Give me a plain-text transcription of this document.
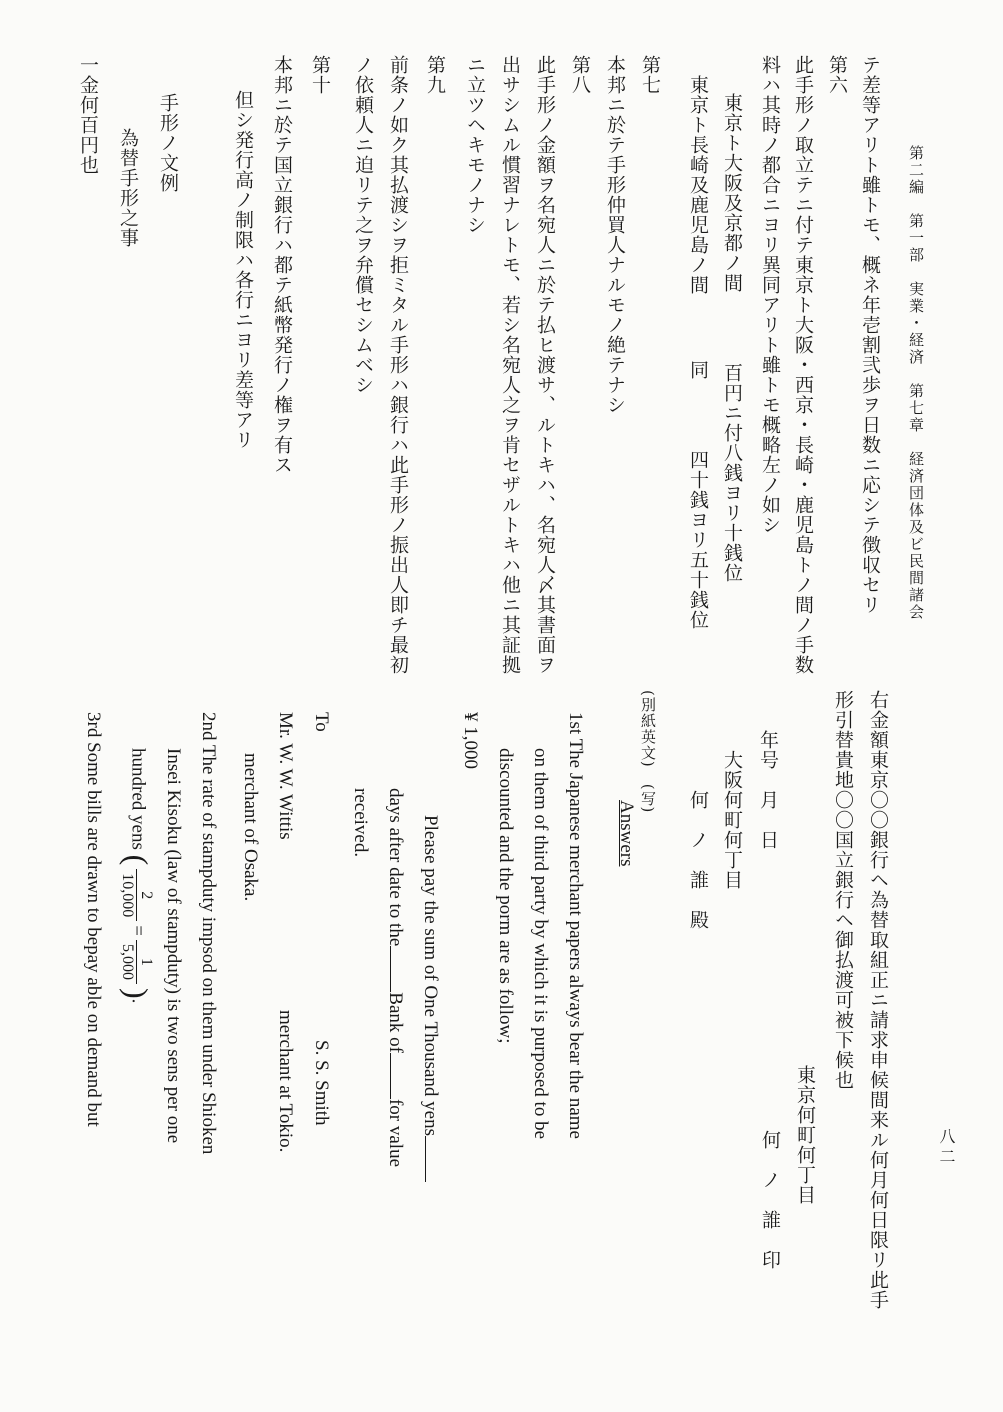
第二編　第一部　実業・経済　第七章　経済団体及ビ民間諸会
八二
テ差等アリト雖トモ、概ネ年壱割弐歩ヲ日数ニ応シテ徴収セリ
第六
此手形ノ取立テニ付テ東京ト大阪・西京・長崎・鹿児島トノ間ノ手数
料ハ其時ノ都合ニヨリ異同アリト雖トモ概略左ノ如シ
東京ト大阪及京都ノ間
百円ニ付八銭ヨリ十銭位
東京ト長崎及鹿児島ノ間
同
四十銭ヨリ五十銭位
第七
本邦ニ於テ手形仲買人ナルモノ絶テナシ
第八
此手形ノ金額ヲ名宛人ニ於テ払ヒ渡サ、ルトキハ、名宛人〆其書面ヲ
出サシムル慣習ナレトモ、若シ名宛人之ヲ肯セザルトキハ他ニ其証拠
ニ立ツヘキモノナシ
第九
前条ノ如ク其払渡シヲ拒ミタル手形ハ銀行ハ此手形ノ振出人即チ最初
ノ依頼人ニ迫リテ之ヲ弁償セシムベシ
第十
本邦ニ於テ国立銀行ハ都テ紙幣発行ノ権ヲ有ス
但シ発行高ノ制限ハ各行ニヨリ差等アリ
手形ノ文例
為替手形之事
一金何百円也
右金額東京〇〇銀行ヘ為替取組正ニ請求申候間来ル何月何日限リ此手
形引替貴地〇〇国立銀行ヘ御払渡可被下候也
東京何町何丁目
何　ノ　誰　印
年号　月　日
大阪何町何丁目
何　ノ　誰　殿
(別紙英文)　(写)
Answers
1st The Japanese merchant papers always bear the name
on them of third party by which it is purposed to be
discounted and the porm are as follow;
¥ 1,000
Please pay the sum of One Thousand yens
days after date to theBank offor value
received.
To
S. S. Smith
Mr. W. W. Wittis
merchant at Tokio.
merchant of Osaka.
2nd The rate of stampduty impsod on them under Shioken
Insei Kisoku (law of stampduty) is two sens per one
hundred yens (
2
10,000
=
1
5,000
).
3rd Some bills are drawn to bepay able on demand but
